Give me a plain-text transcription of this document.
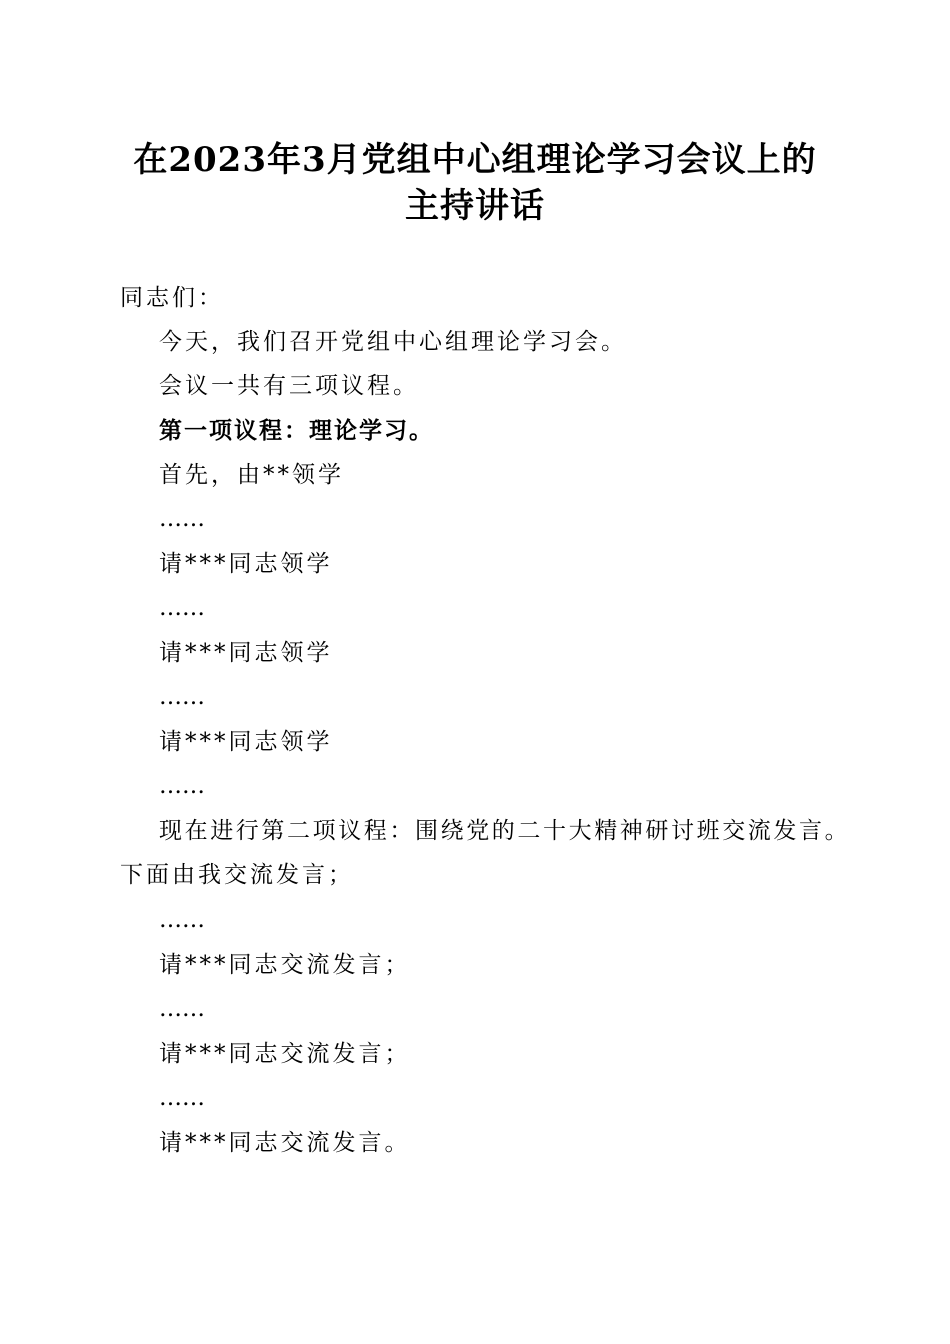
在2023年3月党组中心组理论学习会议上的
主持讲话
同志们：
今天，我们召开党组中心组理论学习会。
会议一共有三项议程。
第一项议程：理论学习。
首先，由**领学
……
请***同志领学
……
请***同志领学
……
请***同志领学
……
现在进行第二项议程：围绕党的二十大精神研讨班交流发言。
下面由我交流发言；
……
请***同志交流发言；
……
请***同志交流发言；
……
请***同志交流发言。
